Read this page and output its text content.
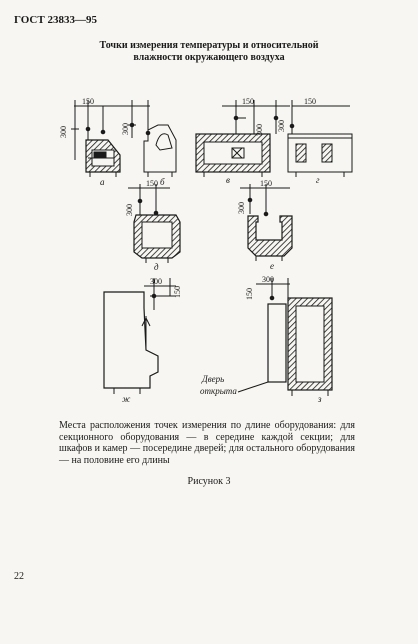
ГОСТ 23833—95
Точки измерения температуры и относительной
влажности окружающего воздуха
150
300
а
300
б
150
300
в
150
300
г
150
300
д
150
300
е
300
150
ж
300
150
Дверь
открыта
з
Места расположения точек измерения по длине оборудования: для секционного оборудования — в середине каждой секции; для шкафов и камер — посередине дверей; для остального оборудования — на половине его длины
Рисунок 3
22
